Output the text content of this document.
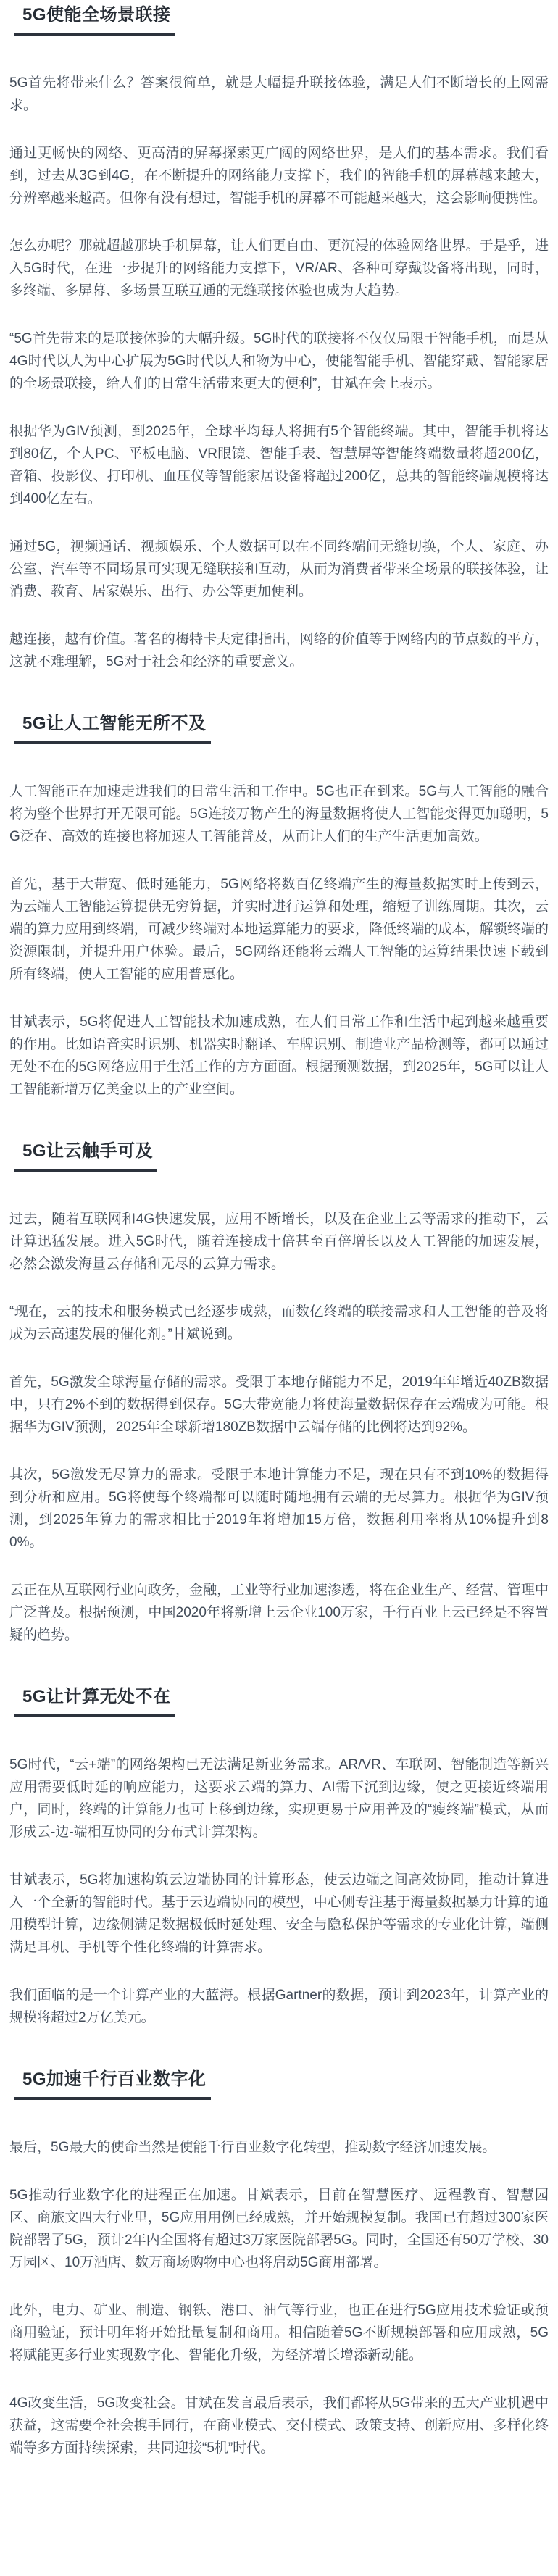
5G使能全场景联接

5G首先将带来什么？答案很简单，就是大幅提升联接体验，满足人们不断增长的上网需求。

通过更畅快的网络、更高清的屏幕探索更广阔的网络世界，是人们的基本需求。我们看到，过去从3G到4G，在不断提升的网络能力支撑下，我们的智能手机的屏幕越来越大，分辨率越来越高。但你有没有想过，智能手机的屏幕不可能越来越大，这会影响便携性。

怎么办呢？那就超越那块手机屏幕，让人们更自由、更沉浸的体验网络世界。于是乎，进入5G时代，在进一步提升的网络能力支撑下，VR/AR、各种可穿戴设备将出现，同时，多终端、多屏幕、多场景互联互通的无缝联接体验也成为大趋势。

“5G首先带来的是联接体验的大幅升级。5G时代的联接将不仅仅局限于智能手机，而是从4G时代以人为中心扩展为5G时代以人和物为中心，使能智能手机、智能穿戴、智能家居的全场景联接，给人们的日常生活带来更大的便利”，甘斌在会上表示。

根据华为GIV预测，到2025年，全球平均每人将拥有5个智能终端。其中，智能手机将达到80亿，个人PC、平板电脑、VR眼镜、智能手表、智慧屏等智能终端数量将超200亿，音箱、投影仪、打印机、血压仪等智能家居设备将超过200亿，总共的智能终端规模将达到400亿左右。

通过5G，视频通话、视频娱乐、个人数据可以在不同终端间无缝切换，个人、家庭、办公室、汽车等不同场景可实现无缝联接和互动，从而为消费者带来全场景的联接体验，让消费、教育、居家娱乐、出行、办公等更加便利。

越连接，越有价值。著名的梅特卡夫定律指出，网络的价值等于网络内的节点数的平方，这就不难理解，5G对于社会和经济的重要意义。

5G让人工智能无所不及

人工智能正在加速走进我们的日常生活和工作中。5G也正在到来。5G与人工智能的融合将为整个世界打开无限可能。5G连接万物产生的海量数据将使人工智能变得更加聪明，5G泛在、高效的连接也将加速人工智能普及，从而让人们的生产生活更加高效。

首先，基于大带宽、低时延能力，5G网络将数百亿终端产生的海量数据实时上传到云，为云端人工智能运算提供无穷算据，并实时进行运算和处理，缩短了训练周期。其次，云端的算力应用到终端，可减少终端对本地运算能力的要求，降低终端的成本，解锁终端的资源限制，并提升用户体验。最后，5G网络还能将云端人工智能的运算结果快速下载到所有终端，使人工智能的应用普惠化。

甘斌表示，5G将促进人工智能技术加速成熟，在人们日常工作和生活中起到越来越重要的作用。比如语音实时识别、机器实时翻译、车牌识别、制造业产品检测等，都可以通过无处不在的5G网络应用于生活工作的方方面面。根据预测数据，到2025年，5G可以让人工智能新增万亿美金以上的产业空间。

5G让云触手可及

过去，随着互联网和4G快速发展，应用不断增长，以及在企业上云等需求的推动下，云计算迅猛发展。进入5G时代，随着连接成十倍甚至百倍增长以及人工智能的加速发展，必然会激发海量云存储和无尽的云算力需求。

“现在，云的技术和服务模式已经逐步成熟，而数亿终端的联接需求和人工智能的普及将成为云高速发展的催化剂。”甘斌说到。

首先，5G激发全球海量存储的需求。受限于本地存储能力不足，2019年年增近40ZB数据中，只有2%不到的数据得到保存。5G大带宽能力将使海量数据保存在云端成为可能。根据华为GIV预测，2025年全球新增180ZB数据中云端存储的比例将达到92%。

其次，5G激发无尽算力的需求。受限于本地计算能力不足，现在只有不到10%的数据得到分析和应用。5G将使每个终端都可以随时随地拥有云端的无尽算力。根据华为GIV预测，到2025年算力的需求相比于2019年将增加15万倍，数据利用率将从10%提升到80%。

云正在从互联网行业向政务，金融，工业等行业加速渗透，将在企业生产、经营、管理中广泛普及。根据预测，中国2020年将新增上云企业100万家，千行百业上云已经是不容置疑的趋势。

5G让计算无处不在

5G时代，“云+端”的网络架构已无法满足新业务需求。AR/VR、车联网、智能制造等新兴应用需要低时延的响应能力，这要求云端的算力、AI需下沉到边缘，使之更接近终端用户，同时，终端的计算能力也可上移到边缘，实现更易于应用普及的“瘦终端”模式，从而形成云-边-端相互协同的分布式计算架构。

甘斌表示，5G将加速构筑云边端协同的计算形态，使云边端之间高效协同，推动计算进入一个全新的智能时代。基于云边端协同的模型，中心侧专注基于海量数据暴力计算的通用模型计算，边缘侧满足数据极低时延处理、安全与隐私保护等需求的专业化计算，端侧满足耳机、手机等个性化终端的计算需求。

我们面临的是一个计算产业的大蓝海。根据Gartner的数据，预计到2023年，计算产业的规模将超过2万亿美元。

5G加速千行百业数字化

最后，5G最大的使命当然是使能千行百业数字化转型，推动数字经济加速发展。

5G推动行业数字化的进程正在加速。甘斌表示，目前在智慧医疗、远程教育、智慧园区、商旅文四大行业里，5G应用用例已经成熟，并开始规模复制。我国已有超过300家医院部署了5G，预计2年内全国将有超过3万家医院部署5G。同时，全国还有50万学校、30万园区、10万酒店、数万商场购物中心也将启动5G商用部署。

此外，电力、矿业、制造、钢铁、港口、油气等行业，也正在进行5G应用技术验证或预商用验证，预计明年将开始批量复制和商用。相信随着5G不断规模部署和应用成熟，5G将赋能更多行业实现数字化、智能化升级，为经济增长增添新动能。

4G改变生活，5G改变社会。甘斌在发言最后表示，我们都将从5G带来的五大产业机遇中获益，这需要全社会携手同行，在商业模式、交付模式、政策支持、创新应用、多样化终端等多方面持续探索，共同迎接“5机”时代。
